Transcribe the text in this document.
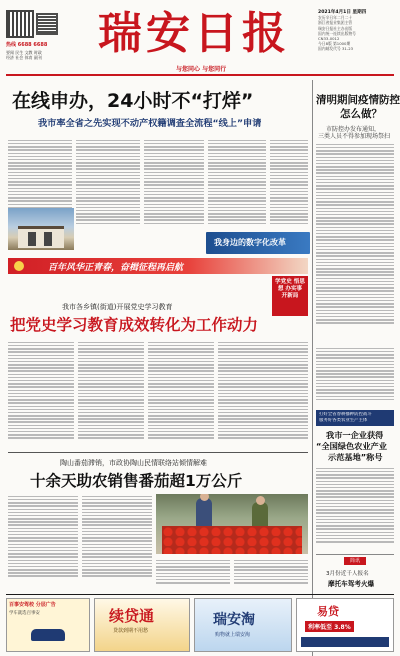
热线 6688 6688
要闻 民生 文教 时政
经济 社会 体育 副刊	瑞安日报
与您同心 与您同行
2021年4月1日 星期四
农历辛丑年二月二十
浙江省报业集团主管
瑞安日报社主办出版
国内统一连续出版物号
CN33-0012
今日8版 第1000期
国内邮发代号 31-23
在线申办，24小时不“打烊”
我市率全省之先实现不动产权籍调查全流程“线上”申请
我身边的数字化改革
清明期间疫情防控
怎么做？
市防控办发布通知，
三类人员不得参加现场祭扫
百年风华正青春，奋楫征程再启航
学党史 悟思想 办实事 开新局
我市各乡镇(街道)开展党史学习教育
把党史学习教育成效转化为工作动力
陶山番茄滞销，市政协陶山民情联络站倾情解难
十余天助农销售番茄超1万公斤
打好全省春耕播种防控战斗
服务好各类农业生产主体
我市一企业获得
“全国绿色农业产业
示范基地”称号
简讯
3月份近千人报名
摩托车驾考火爆
百事安驾校 分层广告
学车就选百事安	续贷通
贷款到期不用愁
瑞安淘
购物就上瑞安淘
易贷
利率低至 3.8%
